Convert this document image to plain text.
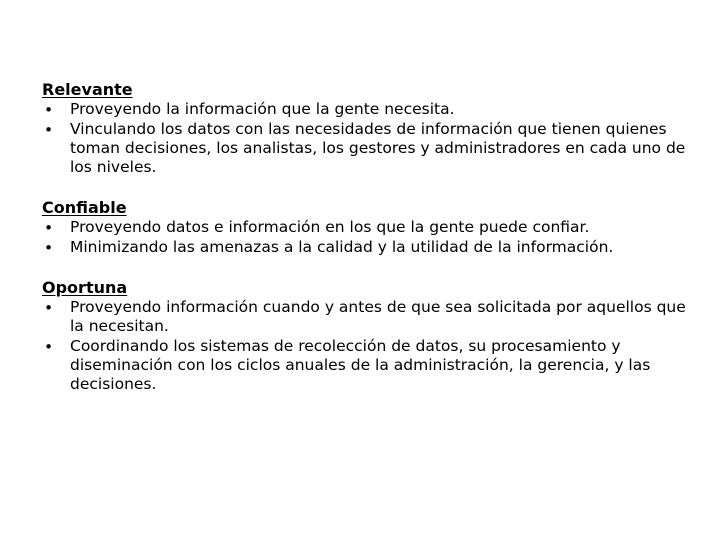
Relevante

• Proveyendo la información que la gente necesita.
• Vinculando los datos con las necesidades de información que tienen quienes toman decisiones, los analistas, los gestores y administradores en cada uno de los niveles.

Confiable

• Proveyendo datos e información en los que la gente puede confiar.
• Minimizando las amenazas a la calidad y la utilidad de la información.

Oportuna

• Proveyendo información cuando y antes de que sea solicitada por aquellos que la necesitan.
• Coordinando los sistemas de recolección de datos, su procesamiento y diseminación con los ciclos anuales de la administración, la gerencia, y las decisiones.
